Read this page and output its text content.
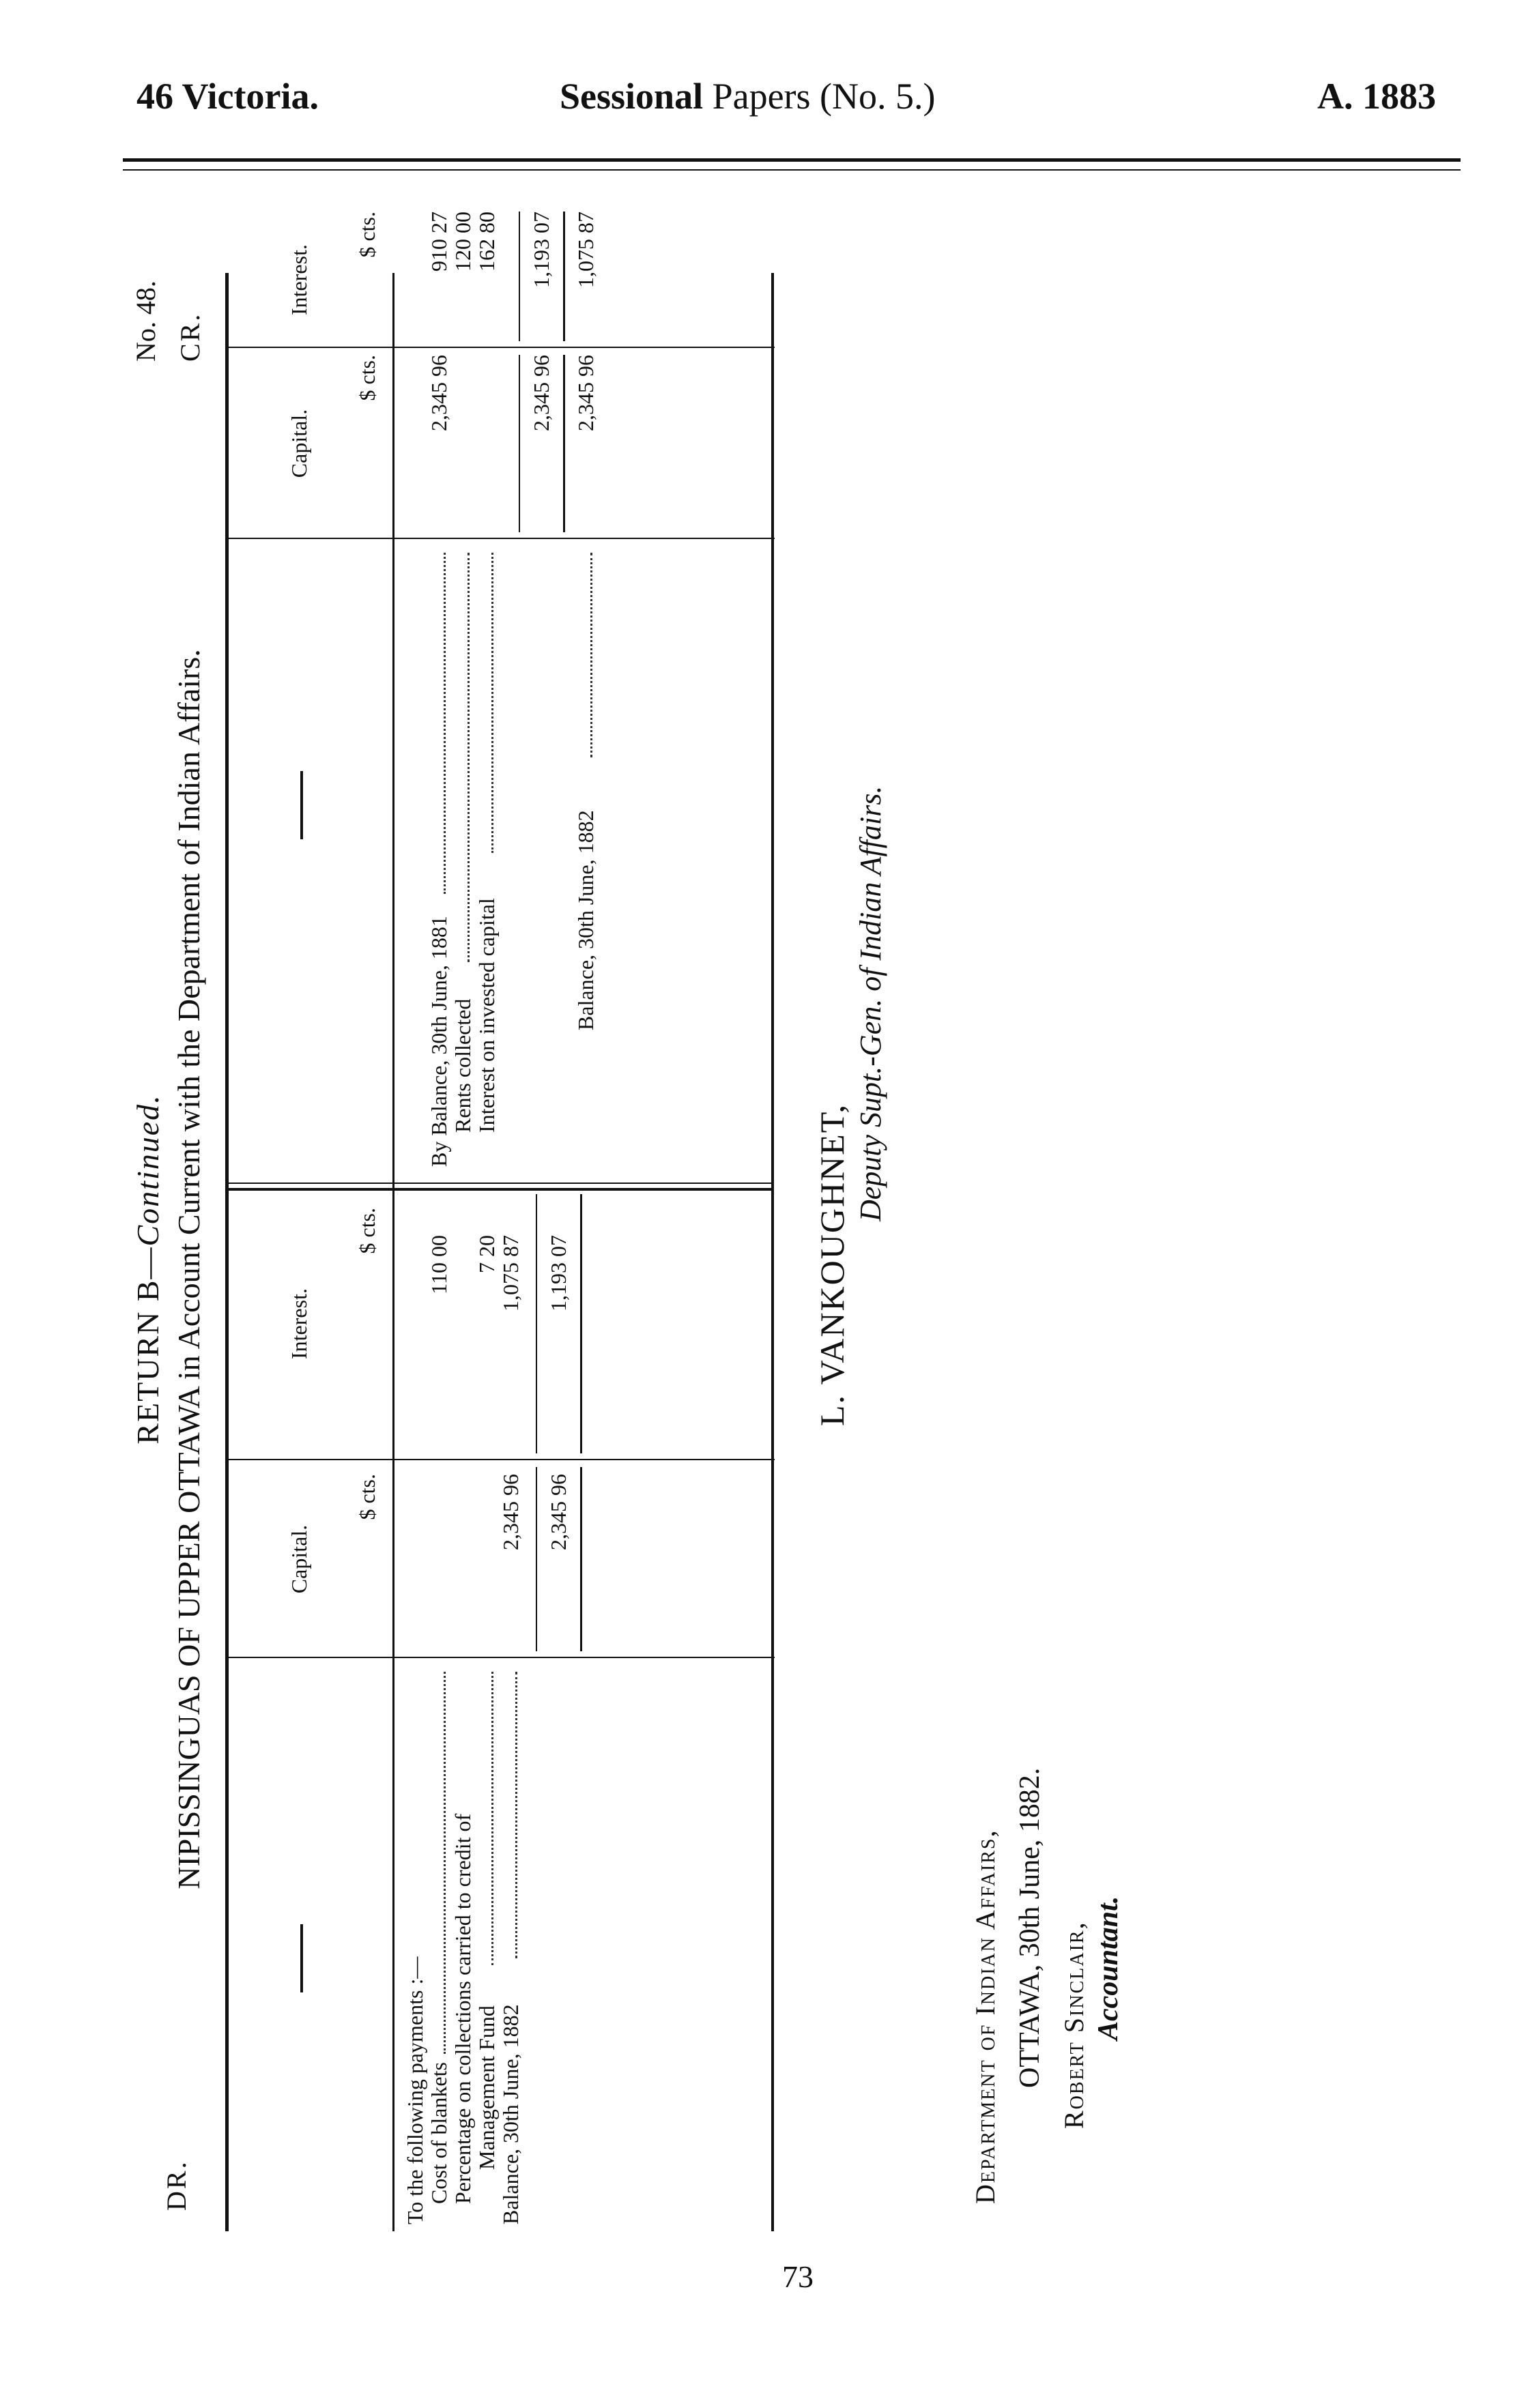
46 Victoria.	Sessional Papers (No. 5.)	A. 1883
RETURN B—Continued. NIPISSINGUAS OF UPPER OTTAWA in Account Current with the Department of Indian Affairs.
DR.
No. 48. CR.
Capital.
Interest.
$ cts.
$ cts.
Capital.
Interest.
$ cts.
$ cts.
To the following payments :— Cost of blankets
110 00
Percentage on collections carried to credit of Management Fund
7 20
Balance, 30th June, 1882
2,345 96
1,075 87
2,345 96
1,193 07
By Balance, 30th June, 1881
2,345 96
910 27
Rents collected
120 00
Interest on invested capital
162 80
2,345 96
1,193 07
Balance, 30th June, 1882
2,345 96
1,075 87
L. VANKOUGHNET,
Deputy Supt.-Gen. of Indian Affairs.
Department of Indian Affairs, OTTAWA, 30th June, 1882. Robert Sinclair, Accountant.
73
